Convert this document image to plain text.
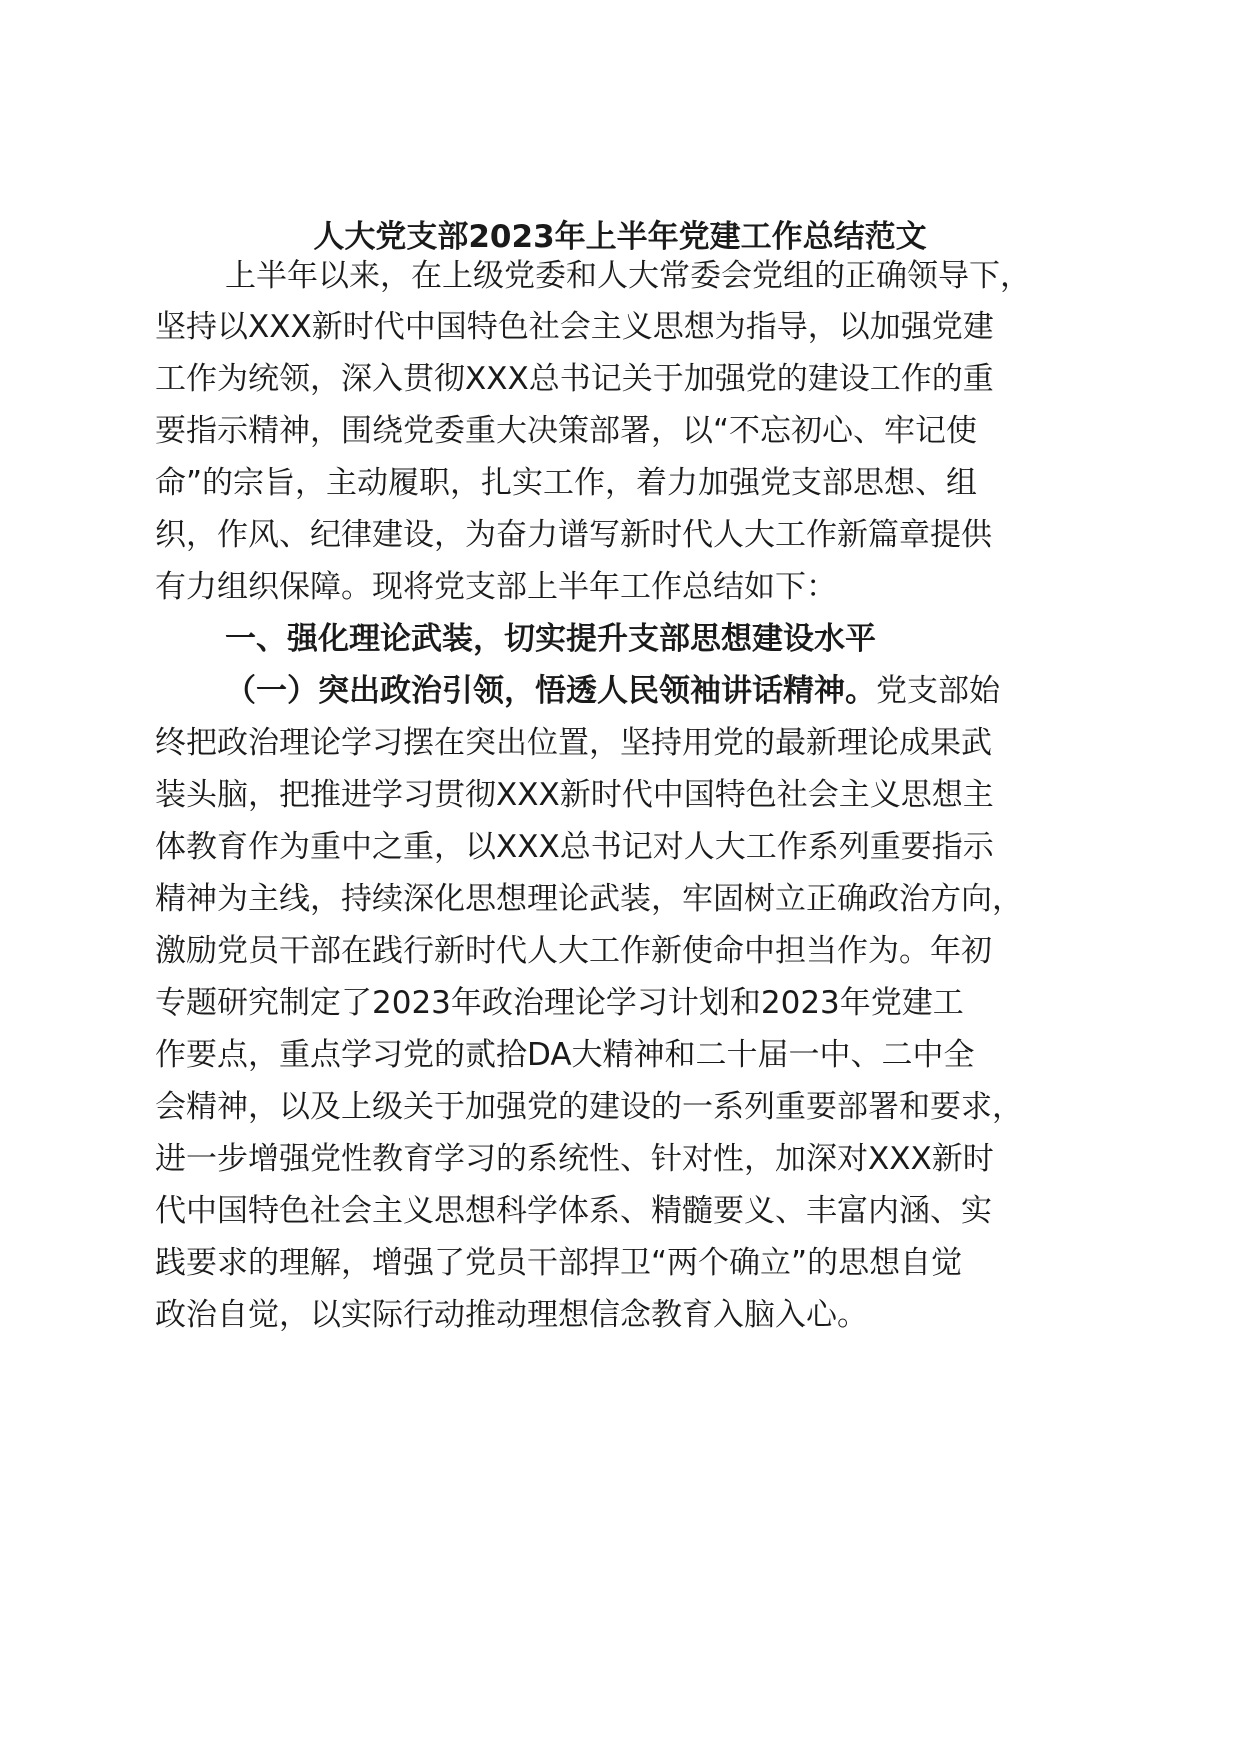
人大党支部2023年上半年党建工作总结范文

上半年以来，在上级党委和人大常委会党组的正确领导下，

坚持以XXX新时代中国特色社会主义思想为指导，以加强党建

工作为统领，深入贯彻XXX总书记关于加强党的建设工作的重

要指示精神，围绕党委重大决策部署，以“不忘初心、牢记使

命”的宗旨，主动履职，扎实工作，着力加强党支部思想、组

织，作风、纪律建设，为奋力谱写新时代人大工作新篇章提供

有力组织保障。现将党支部上半年工作总结如下：

一、强化理论武装，切实提升支部思想建设水平

（一）突出政治引领，悟透人民领袖讲话精神。党支部始

终把政治理论学习摆在突出位置，坚持用党的最新理论成果武

装头脑，把推进学习贯彻XXX新时代中国特色社会主义思想主

体教育作为重中之重，以XXX总书记对人大工作系列重要指示

精神为主线，持续深化思想理论武装，牢固树立正确政治方向，

激励党员干部在践行新时代人大工作新使命中担当作为。年初

专题研究制定了2023年政治理论学习计划和2023年党建工

作要点，重点学习党的贰拾DA大精神和二十届一中、二中全

会精神，以及上级关于加强党的建设的一系列重要部署和要求，

进一步增强党性教育学习的系统性、针对性，加深对XXX新时

代中国特色社会主义思想科学体系、精髓要义、丰富内涵、实

践要求的理解，增强了党员干部捍卫“两个确立”的思想自觉

政治自觉，以实际行动推动理想信念教育入脑入心。
